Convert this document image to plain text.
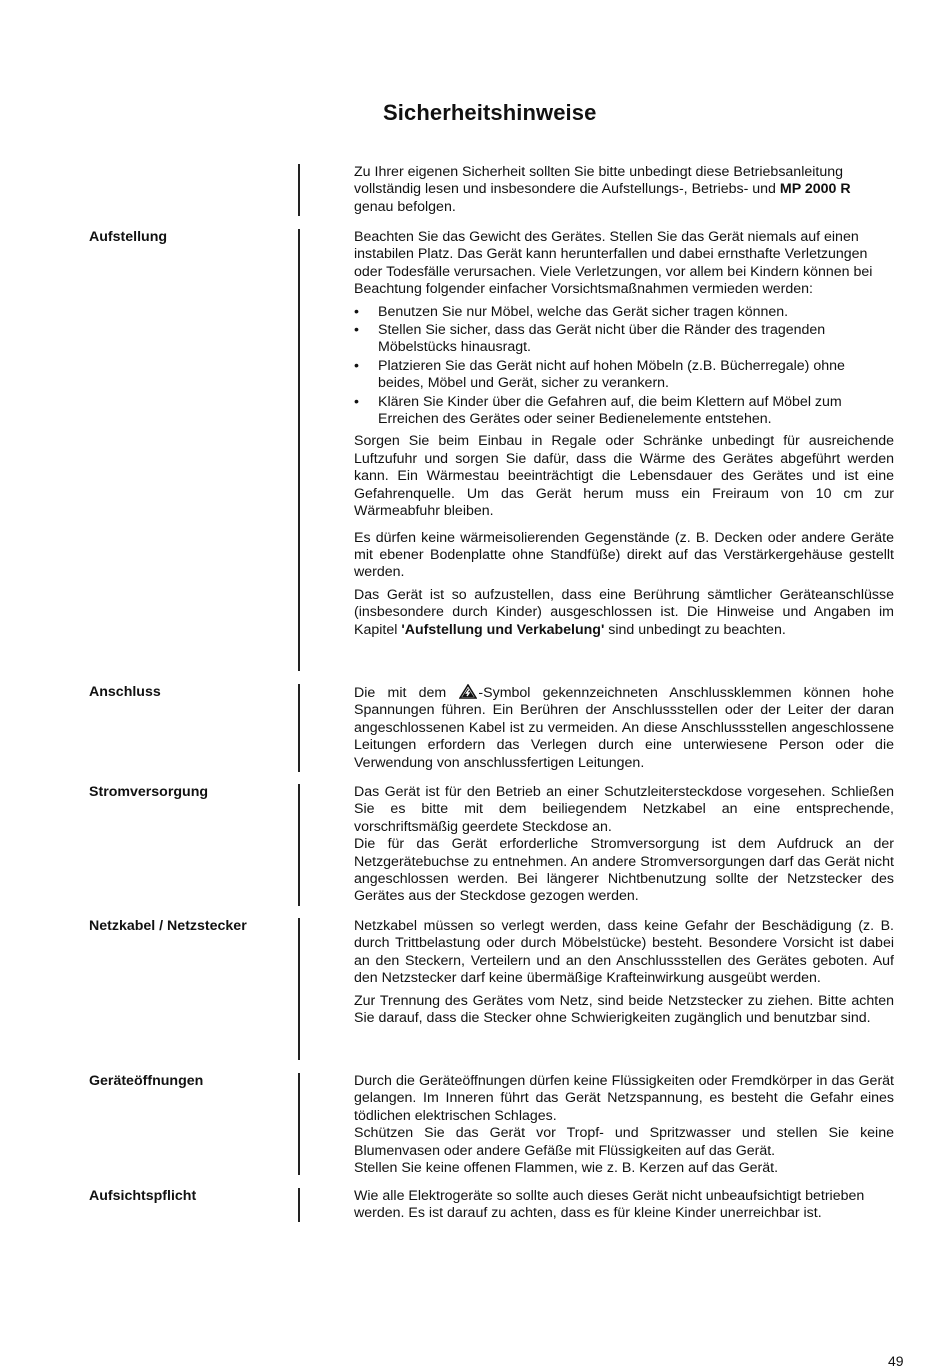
Sicherheitshinweise

Zu Ihrer eigenen Sicherheit sollten Sie bitte unbedingt diese Betriebsanleitung vollständig lesen und insbesondere die Aufstellungs-, Betriebs- und MP 2000 R genau befolgen.

Aufstellung	Beachten Sie das Gewicht des Gerätes. Stellen Sie das Gerät niemals auf einen instabilen Platz. Das Gerät kann herunterfallen und dabei ernsthafte Verletzungen oder Todesfälle verursachen. Viele Verletzungen, vor allem bei Kindern können bei Beachtung folgender einfacher Vorsichtsmaßnahmen vermieden werden:

• Benutzen Sie nur Möbel, welche das Gerät sicher tragen können.
• Stellen Sie sicher, dass das Gerät nicht über die Ränder des tragenden Möbelstücks hinausragt.
• Platzieren Sie das Gerät nicht auf hohen Möbeln (z.B. Bücherregale) ohne beides, Möbel und Gerät, sicher zu verankern.
• Klären Sie Kinder über die Gefahren auf, die beim Klettern auf Möbel zum Erreichen des Gerätes oder seiner Bedienelemente entstehen.

Sorgen Sie beim Einbau in Regale oder Schränke unbedingt für ausreichende Luftzufuhr und sorgen Sie dafür, dass die Wärme des Gerätes abgeführt werden kann. Ein Wärmestau beeinträchtigt die Lebensdauer des Gerätes und ist eine Gefahrenquelle. Um das Gerät herum muss ein Freiraum von 10 cm zur Wärmeabfuhr bleiben.

Es dürfen keine wärmeisolierenden Gegenstände (z. B. Decken oder andere Geräte mit ebener Bodenplatte ohne Standfüße) direkt auf das Verstärkergehäuse gestellt werden.

Das Gerät ist so aufzustellen, dass eine Berührung sämtlicher Geräteanschlüsse (insbesondere durch Kinder) ausgeschlossen ist. Die Hinweise und Angaben im Kapitel 'Aufstellung und Verkabelung' sind unbedingt zu beachten.

Anschluss	Die mit dem -Symbol gekennzeichneten Anschlussklemmen können hohe Spannungen führen. Ein Berühren der Anschlussstellen oder der Leiter der daran angeschlossenen Kabel ist zu vermeiden. An diese Anschlussstellen angeschlossene Leitungen erfordern das Verlegen durch eine unterwiesene Person oder die Verwendung von anschlussfertigen Leitungen.

Stromversorgung	Das Gerät ist für den Betrieb an einer Schutzleitersteckdose vorgesehen. Schließen Sie es bitte mit dem beiliegendem Netzkabel an eine entsprechende, vorschriftsmäßig geerdete Steckdose an.

Die für das Gerät erforderliche Stromversorgung ist dem Aufdruck an der Netzgerätebuchse zu entnehmen. An andere Stromversorgungen darf das Gerät nicht angeschlossen werden. Bei längerer Nichtbenutzung sollte der Netzstecker des Gerätes aus der Steckdose gezogen werden.

Netzkabel / Netzstecker	Netzkabel müssen so verlegt werden, dass keine Gefahr der Beschädigung (z. B. durch Trittbelastung oder durch Möbelstücke) besteht. Besondere Vorsicht ist dabei an den Steckern, Verteilern und an den Anschlussstellen des Gerätes geboten. Auf den Netzstecker darf keine übermäßige Krafteinwirkung ausgeübt werden.

Zur Trennung des Gerätes vom Netz, sind beide Netzstecker zu ziehen. Bitte achten Sie darauf, dass die Stecker ohne Schwierigkeiten zugänglich und benutzbar sind.

Geräteöffnungen	Durch die Geräteöffnungen dürfen keine Flüssigkeiten oder Fremdkörper in das Gerät gelangen. Im Inneren führt das Gerät Netzspannung, es besteht die Gefahr eines tödlichen elektrischen Schlages.

Schützen Sie das Gerät vor Tropf- und Spritzwasser und stellen Sie keine Blumenvasen oder andere Gefäße mit Flüssigkeiten auf das Gerät.

Stellen Sie keine offenen Flammen, wie z. B. Kerzen auf das Gerät.

Aufsichtspflicht	Wie alle Elektrogeräte so sollte auch dieses Gerät nicht unbeaufsichtigt betrieben werden. Es ist darauf zu achten, dass es für kleine Kinder unerreichbar ist.

49
